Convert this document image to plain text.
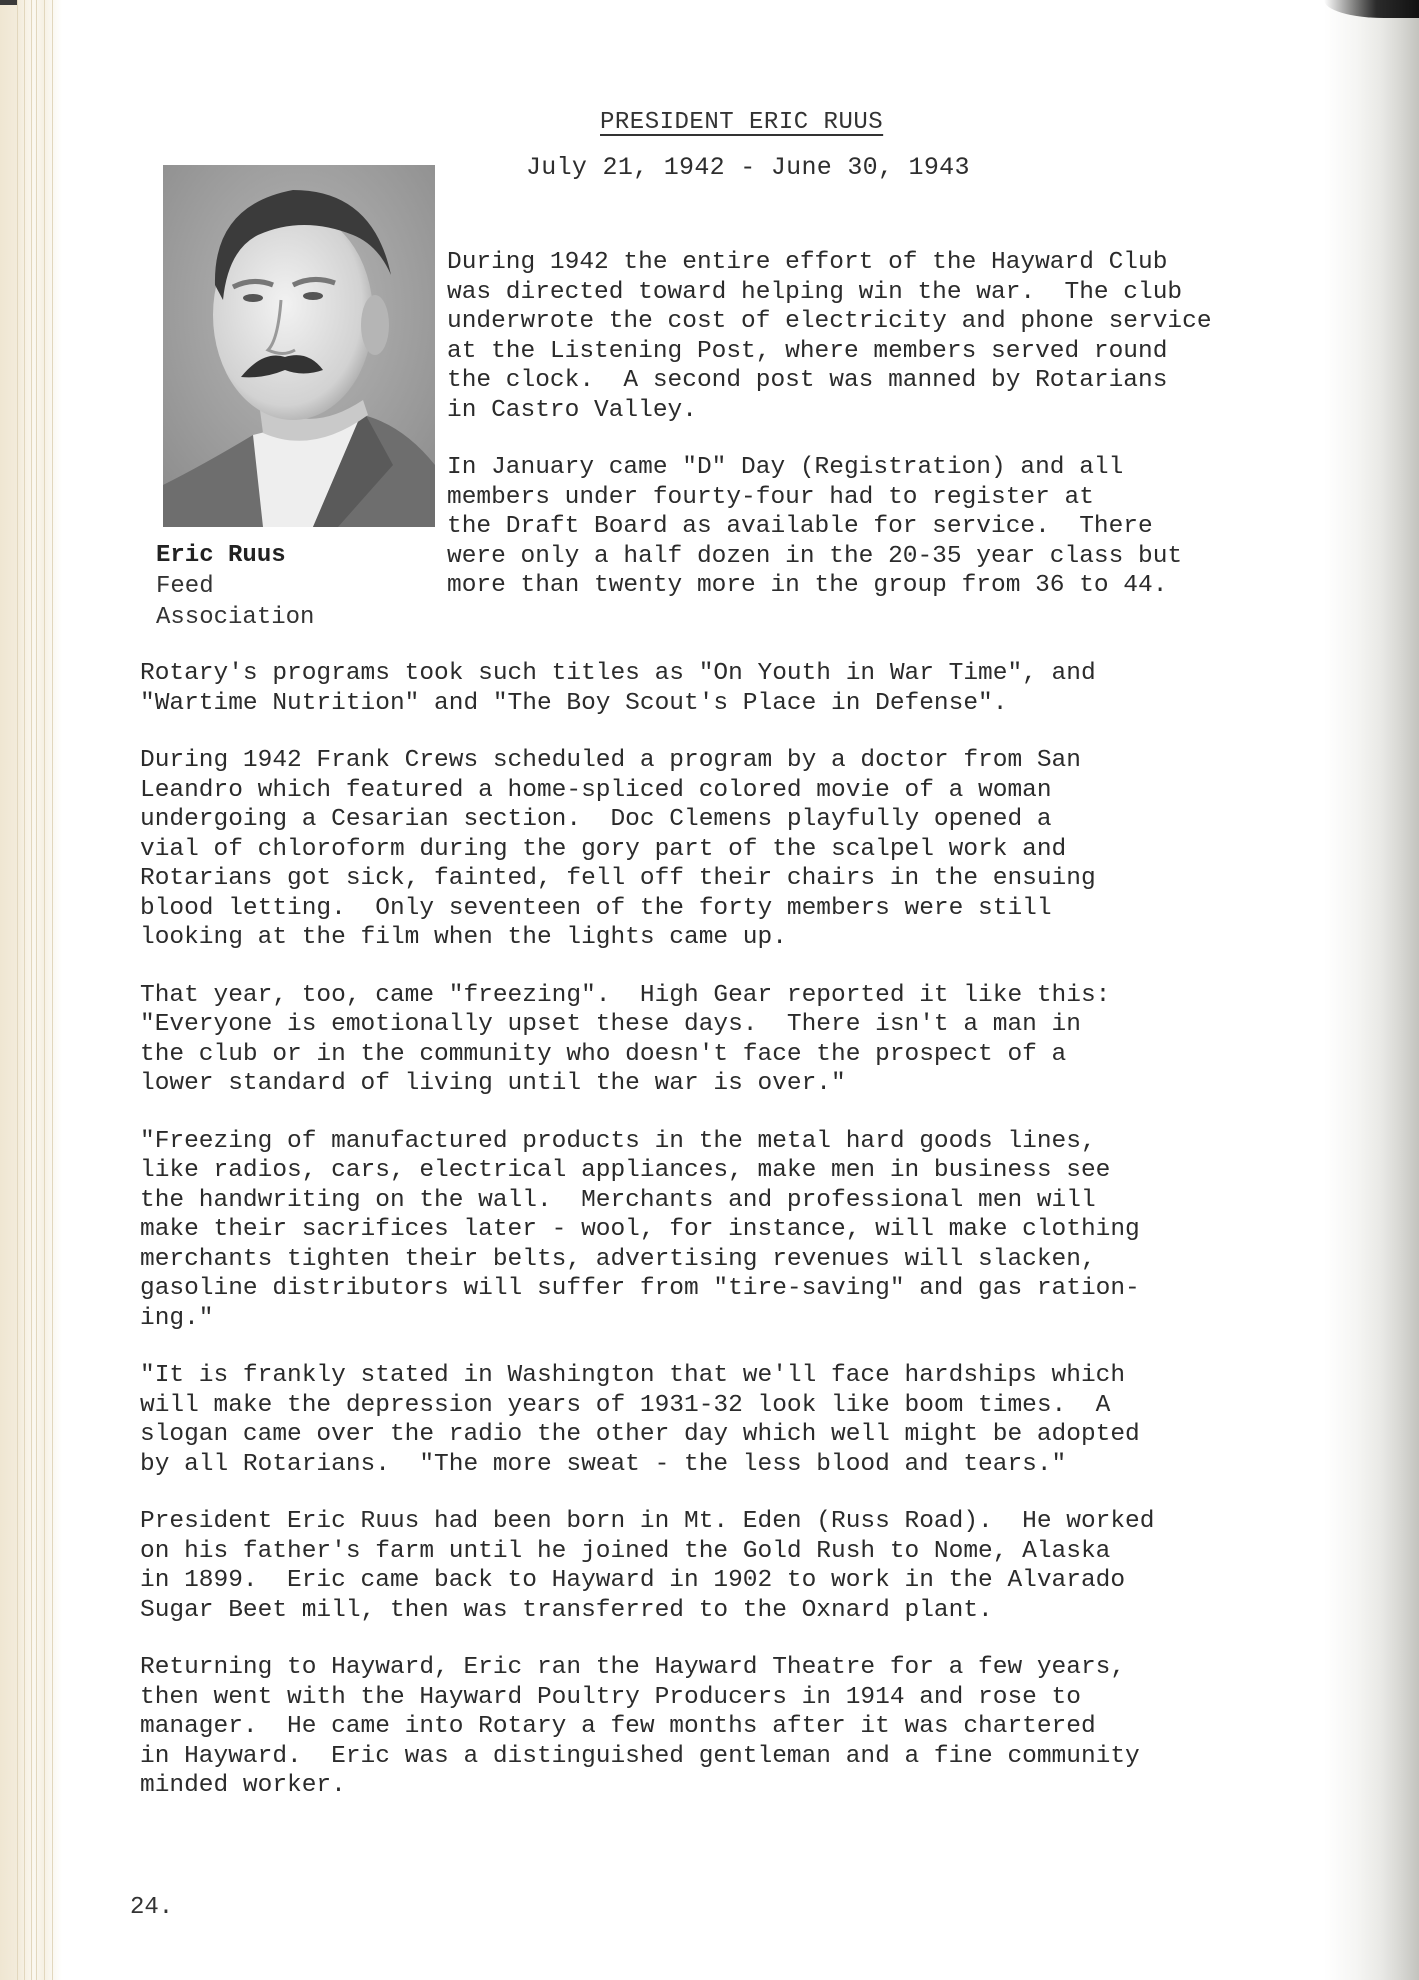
PRESIDENT ERIC RUUS
July 21, 1942 - June 30, 1943
Eric Ruus
Feed
Association
During 1942 the entire effort of the Hayward Club
was directed toward helping win the war.  The club
underwrote the cost of electricity and phone service
at the Listening Post, where members served round
the clock.  A second post was manned by Rotarians
in Castro Valley.
In January came "D" Day (Registration) and all
members under fourty-four had to register at
the Draft Board as available for service.  There
were only a half dozen in the 20-35 year class but
more than twenty more in the group from 36 to 44.
Rotary's programs took such titles as "On Youth in War Time", and
"Wartime Nutrition" and "The Boy Scout's Place in Defense".
During 1942 Frank Crews scheduled a program by a doctor from San
Leandro which featured a home-spliced colored movie of a woman
undergoing a Cesarian section.  Doc Clemens playfully opened a
vial of chloroform during the gory part of the scalpel work and
Rotarians got sick, fainted, fell off their chairs in the ensuing
blood letting.  Only seventeen of the forty members were still
looking at the film when the lights came up.
That year, too, came "freezing".  High Gear reported it like this:
"Everyone is emotionally upset these days.  There isn't a man in
the club or in the community who doesn't face the prospect of a
lower standard of living until the war is over."
"Freezing of manufactured products in the metal hard goods lines,
like radios, cars, electrical appliances, make men in business see
the handwriting on the wall.  Merchants and professional men will
make their sacrifices later - wool, for instance, will make clothing
merchants tighten their belts, advertising revenues will slacken,
gasoline distributors will suffer from "tire-saving" and gas ration-
ing."
"It is frankly stated in Washington that we'll face hardships which
will make the depression years of 1931-32 look like boom times.  A
slogan came over the radio the other day which well might be adopted
by all Rotarians.  "The more sweat - the less blood and tears."
President Eric Ruus had been born in Mt. Eden (Russ Road).  He worked
on his father's farm until he joined the Gold Rush to Nome, Alaska
in 1899.  Eric came back to Hayward in 1902 to work in the Alvarado
Sugar Beet mill, then was transferred to the Oxnard plant.
Returning to Hayward, Eric ran the Hayward Theatre for a few years,
then went with the Hayward Poultry Producers in 1914 and rose to
manager.  He came into Rotary a few months after it was chartered
in Hayward.  Eric was a distinguished gentleman and a fine community
minded worker.
24.
